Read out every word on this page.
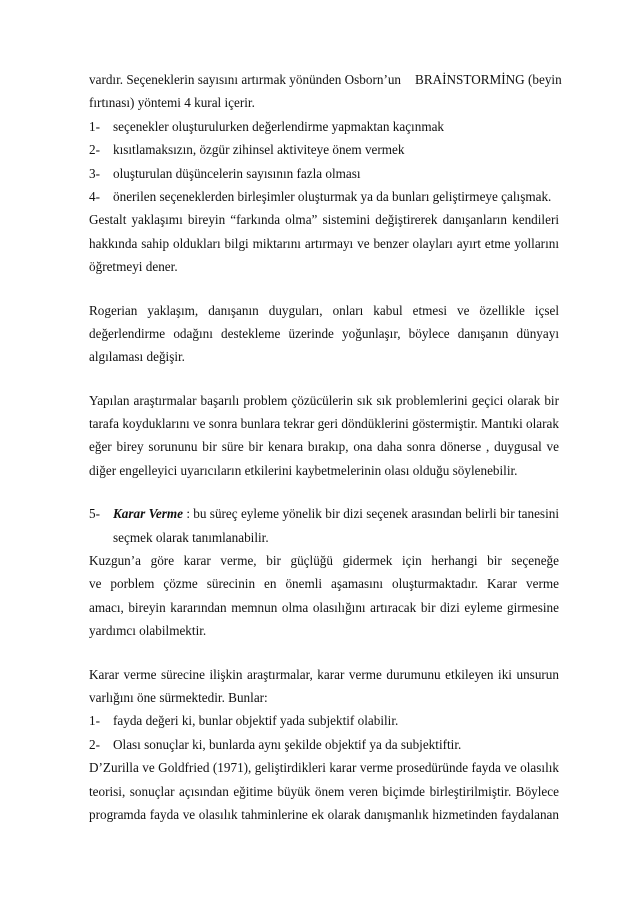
vardır. Seçeneklerin sayısını artırmak yönünden Osborn’un BRAİNSTORMİNG (beyin
fırtınası) yöntemi 4 kural içerir.
1- seçenekler oluşturulurken değerlendirme yapmaktan kaçınmak
2- kısıtlamaksızın, özgür zihinsel aktiviteye önem vermek
3- oluşturulan düşüncelerin sayısının fazla olması
4- önerilen seçeneklerden birleşimler oluşturmak ya da bunları geliştirmeye çalışmak.
Gestalt yaklaşımı bireyin “farkında olma” sistemini değiştirerek danışanların kendileri
hakkında sahip oldukları bilgi miktarını artırmayı ve benzer olayları ayırt etme yollarını
öğretmeyi dener.
Rogerian yaklaşım, danışanın duyguları, onları kabul etmesi ve özellikle içsel
değerlendirme odağını destekleme üzerinde yoğunlaşır, böylece danışanın dünyayı
algılaması değişir.
Yapılan araştırmalar başarılı problem çözücülerin sık sık problemlerini geçici olarak bir
tarafa koyduklarını ve sonra bunlara tekrar geri döndüklerini göstermiştir. Mantıki olarak
eğer birey sorununu bir süre bir kenara bırakıp, ona daha sonra dönerse , duygusal ve
diğer engelleyici uyarıcıların etkilerini kaybetmelerinin olası olduğu söylenebilir.
5- Karar Verme : bu süreç eyleme yönelik bir dizi seçenek arasından belirli bir tanesini
seçmek olarak tanımlanabilir.
Kuzgun’a göre karar verme, bir güçlüğü gidermek için herhangi bir seçeneğe
ve porblem çözme sürecinin en önemli aşamasını oluşturmaktadır. Karar verme
amacı, bireyin kararından memnun olma olasılığını artıracak bir dizi eyleme girmesine
yardımcı olabilmektir.
Karar verme sürecine ilişkin araştırmalar, karar verme durumunu etkileyen iki unsurun
varlığını öne sürmektedir. Bunlar:
1- fayda değeri ki, bunlar objektif yada subjektif olabilir.
2- Olası sonuçlar ki, bunlarda aynı şekilde objektif ya da subjektiftir.
D’Zurilla ve Goldfried (1971), geliştirdikleri karar verme prosedüründe fayda ve olasılık
teorisi, sonuçlar açısından eğitime büyük önem veren biçimde birleştirilmiştir. Böylece
programda fayda ve olasılık tahminlerine ek olarak danışmanlık hizmetinden faydalanan
